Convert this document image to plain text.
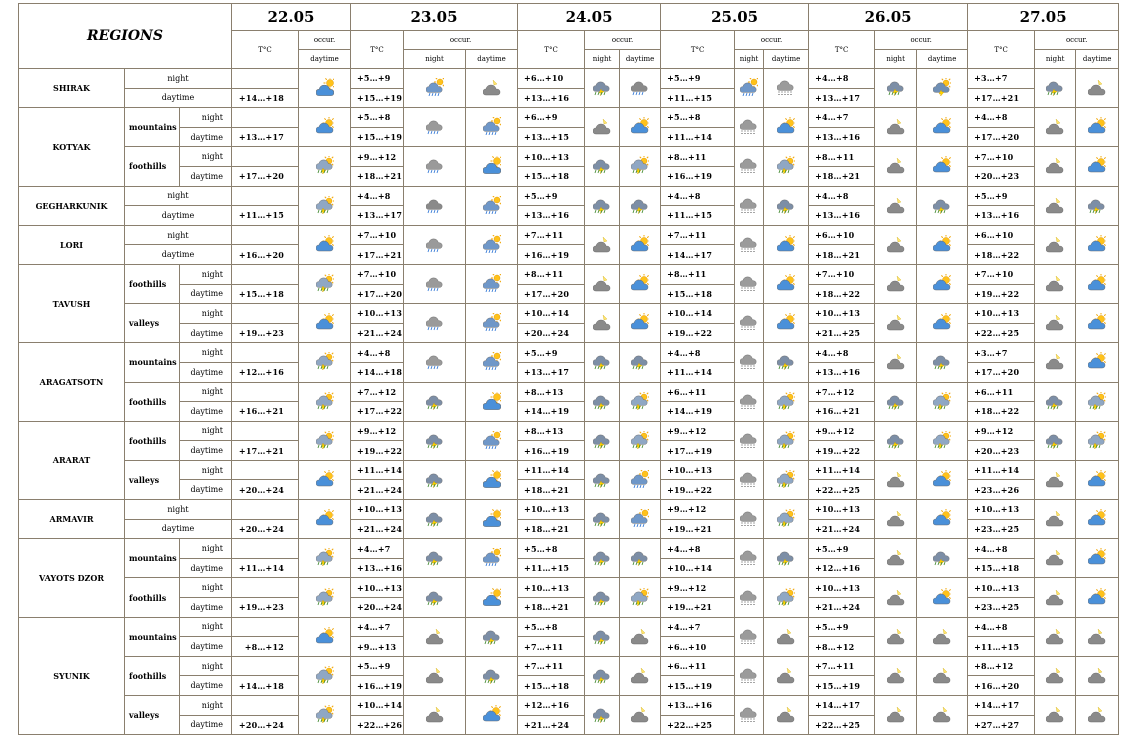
REGIONS			22.05		23.05			24.05			25.05			26.05			27.05		
			T°C	occur.	T°C	occur.		T°C	occur.		T°C	occur.		T°C	occur.		T°C	occur.	
				daytime		night	daytime		night	daytime		night	daytime		night	daytime		night	daytime
SHIRAK	night				+5…+9			+6…+10			+5…+9			+4…+8			+3…+7		
	daytime		+14…+18		+15…+19			+13…+16			+11…+15			+13…+17			+17…+21		
KOTYAK	mountains	night			+5…+8			+6…+9			+5…+8			+4…+7			+4…+8		
		daytime	+13…+17		+15…+19			+13…+15			+11…+14			+13…+16			+17…+20		
	foothills	night			+9…+12			+10…+13			+8…+11			+8…+11			+7…+10		
		daytime	+17…+20		+18…+21			+15…+18			+16…+19			+18…+21			+20…+23		
GEGHARKUNIK	night				+4…+8			+5…+9			+4…+8			+4…+8			+5…+9		
	daytime		+11…+15		+13…+17			+13…+16			+11…+15			+13…+16			+13…+16		
LORI	night				+7…+10			+7…+11			+7…+11			+6…+10			+6…+10		
	daytime		+16…+20		+17…+21			+16…+19			+14…+17			+18…+21			+18…+22		
TAVUSH	foothills	night			+7…+10			+8…+11			+8…+11			+7…+10			+7…+10		
		daytime	+15…+18		+17…+20			+17…+20			+15…+18			+18…+22			+19…+22		
	valleys	night			+10…+13			+10…+14			+10…+14			+10…+13			+10…+13		
		daytime	+19…+23		+21…+24			+20…+24			+19…+22			+21…+25			+22…+25		
ARAGATSOTN	mountains	night			+4…+8			+5…+9			+4…+8			+4…+8			+3…+7		
		daytime	+12…+16		+14…+18			+13…+17			+11…+14			+13…+16			+17…+20		
	foothills	night			+7…+12			+8…+13			+6…+11			+7…+12			+6…+11		
		daytime	+16…+21		+17…+22			+14…+19			+14…+19			+16…+21			+18…+22		
ARARAT	foothills	night			+9…+12			+8…+13			+9…+12			+9…+12			+9…+12		
		daytime	+17…+21		+19…+22			+16…+19			+17…+19			+19…+22			+20…+23		
	valleys	night			+11…+14			+11…+14			+10…+13			+11…+14			+11…+14		
		daytime	+20…+24		+21…+24			+18…+21			+19…+22			+22…+25			+23…+26		
ARMAVIR	night				+10…+13			+10…+13			+9…+12			+10…+13			+10…+13		
	daytime		+20…+24		+21…+24			+18…+21			+19…+21			+21…+24			+23…+25		
VAYOTS DZOR	mountains	night			+4…+7			+5…+8			+4…+8			+5…+9			+4…+8		
		daytime	+11…+14		+13…+16			+11…+15			+10…+14			+12…+16			+15…+18		
	foothills	night			+10…+13			+10…+13			+9…+12			+10…+13			+10…+13		
		daytime	+19…+23		+20…+24			+18…+21			+19…+21			+21…+24			+23…+25		
SYUNIK	mountains	night			+4…+7			+5…+8			+4…+7			+5…+9			+4…+8		
		daytime	+8…+12		+9…+13			+7…+11			+6…+10			+8…+12			+11…+15		
	foothills	night			+5…+9			+7…+11			+6…+11			+7…+11			+8…+12		
		daytime	+14…+18		+16…+19			+15…+18			+15…+19			+15…+19			+16…+20		
	valleys	night			+10…+14			+12…+16			+13…+16			+14…+17			+14…+17		
		daytime	+20…+24		+22…+26			+21…+24			+22…+25			+22…+25			+27…+27		
